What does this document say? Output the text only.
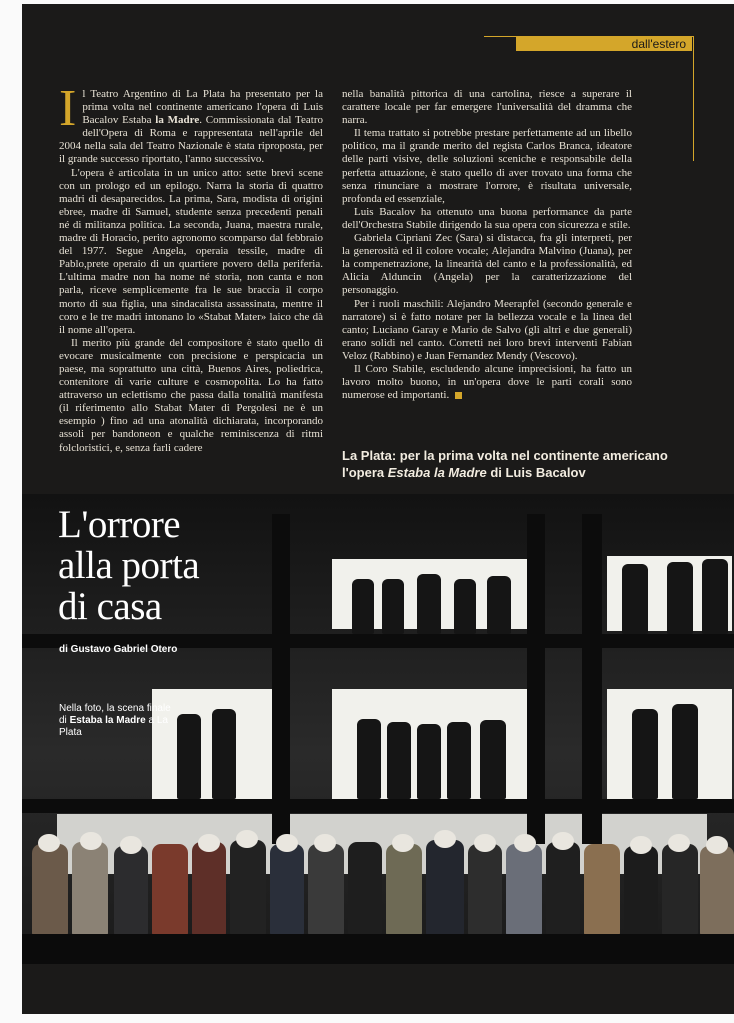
dall'estero

Il Teatro Argentino di La Plata ha presentato per la prima volta nel continente americano l'opera di Luis Bacalov Estaba la Madre. Commissionata dal Teatro dell'Opera di Roma e rappresentata nell'aprile del 2004 nella sala del Teatro Nazionale è stata riproposta, per il grande successo riportato, l'anno successivo.

L'opera è articolata in un unico atto: sette brevi scene con un prologo ed un epilogo. Narra la storia di quattro madri di desaparecidos. La prima, Sara, modista di origini ebree, madre di Samuel, studente senza precedenti penali né di militanza politica. La seconda, Juana, maestra rurale, madre di Horacio, perito agronomo scomparso dal febbraio del 1977. Segue Angela, operaia tessile, madre di Pablo,prete operaio di un quartiere povero della periferia. L'ultima madre non ha nome né storia, non canta e non parla, riceve semplicemente fra le sue braccia il corpo morto di sua figlia, una sindacalista assassinata, mentre il coro e le tre madri intonano lo «Stabat Mater» laico che dà il nome all'opera.

Il merito più grande del compositore è stato quello di evocare musicalmente con precisione e perspicacia un paese, ma soprattutto una città, Buenos Aires, poliedrica, contenitore di varie culture e cosmopolita. Lo ha fatto attraverso un eclettismo che passa dalla tonalità manifesta (il riferimento allo Stabat Mater di Pergolesi ne è un esempio ) fino ad una atonalità dichiarata, incorporando assoli per bandoneon e qualche reminiscenza di ritmi folcloristici, e, senza farli cadere

nella banalità pittorica di una cartolina, riesce a superare il carattere locale per far emergere l'universalità del dramma che narra.

Il tema trattato si potrebbe prestare perfettamente ad un libello politico, ma il grande merito del regista Carlos Branca, ideatore delle parti visive, delle soluzioni sceniche e responsabile della perfetta attuazione, è stato quello di aver trovato una forma che senza rinunciare a mostrare l'orrore, è risultata universale, profonda ed essenziale,

Luis Bacalov ha ottenuto una buona performance da parte dell'Orchestra Stabile dirigendo la sua opera con sicurezza e stile.

Gabriela Cipriani Zec (Sara) si distacca, fra gli interpreti, per la generosità ed il colore vocale; Alejandra Malvino (Juana), per la compenetrazione, la linearità del canto e la professionalità, ed Alicia Alduncin (Angela) per la caratterizzazione del personaggio.

Per i ruoli maschili: Alejandro Meerapfel (secondo generale e narratore) si è fatto notare per la bellezza vocale e la linea del canto; Luciano Garay e Mario de Salvo (gli altri e due generali) erano solidi nel canto. Corretti nei loro brevi interventi Fabian Veloz (Rabbino) e Juan Fernandez Mendy (Vescovo).

Il Coro Stabile, escludendo alcune imprecisioni, ha fatto un lavoro molto buono, in un'opera dove le parti corali sono numerose ed importanti.

La Plata: per la prima volta nel continente americano l'opera Estaba la Madre di Luis Bacalov
L'orrore
alla porta
di casa
di Gustavo Gabriel Otero
Nella foto, la scena finale di Estaba la Madre a La Plata
